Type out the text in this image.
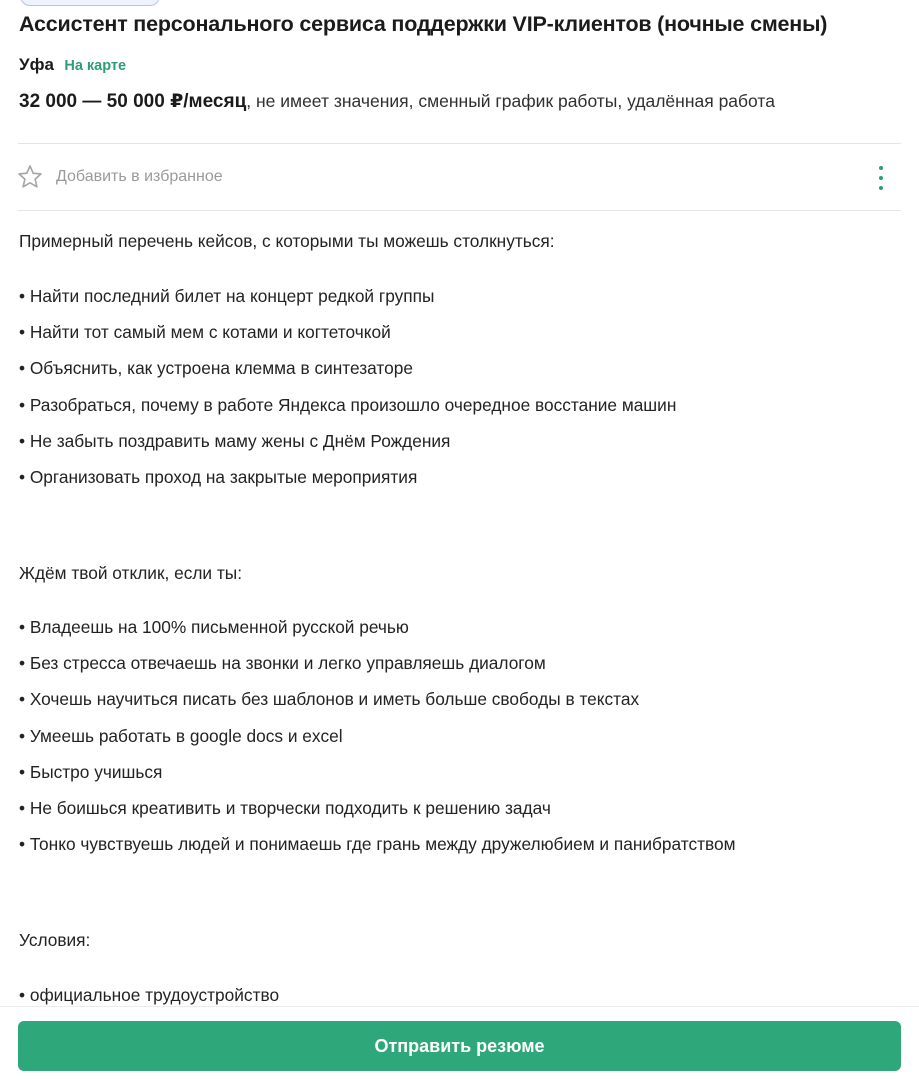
Ассистент персонального сервиса поддержки VIP-клиентов (ночные смены)
Уфа На карте
32 000 — 50 000 ₽/месяц, не имеет значения, сменный график работы, удалённая работа
Добавить в избранное
Примерный перечень кейсов, с которыми ты можешь столкнуться:
• Найти последний билет на концерт редкой группы
• Найти тот самый мем с котами и когтеточкой
• Объяснить, как устроена клемма в синтезаторе
• Разобраться, почему в работе Яндекса произошло очередное восстание машин
• Не забыть поздравить маму жены с Днём Рождения
• Организовать проход на закрытые мероприятия
Ждём твой отклик, если ты:
• Владеешь на 100% письменной русской речью
• Без стресса отвечаешь на звонки и легко управляешь диалогом
• Хочешь научиться писать без шаблонов и иметь больше свободы в текстах
• Умеешь работать в google docs и excel
• Быстро учишься
• Не боишься креативить и творчески подходить к решению задач
• Тонко чувствуешь людей и понимаешь где грань между дружелюбием и панибратством
Условия:
• официальное трудоустройство
Отправить резюме
